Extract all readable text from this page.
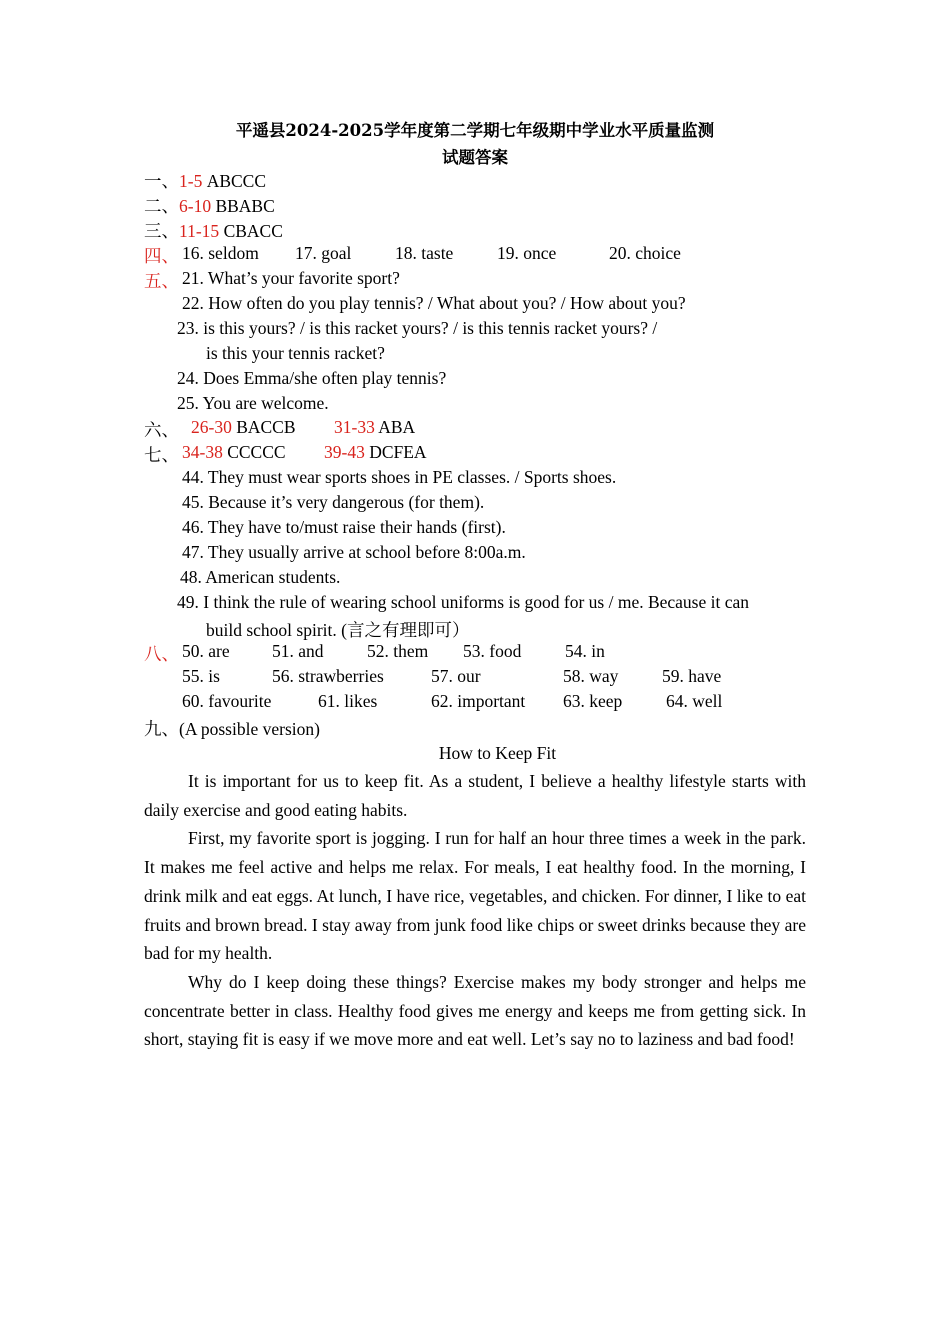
平遥县2024-2025学年度第二学期七年级期中学业水平质量监测
试题答案
一、1-5 ABCCC
二、6-10 BBABC
三、11-15 CBACC
四、 16. seldom 17. goal 18. taste 19. once	20. choice
五、 21. What’s your favorite sport?
22. How often do you play tennis? / What about you? / How about you?
23. is this yours? / is this racket yours? / is this tennis racket yours? /
is this your tennis racket?
24. Does Emma/she often play tennis?
25. You are welcome.
六、 26-30 BACCB 31-33 ABA
七、 34-38 CCCCC 39-43 DCFEA
44. They must wear sports shoes in PE classes. / Sports shoes.
45. Because it’s very dangerous (for them).
46. They have to/must raise their hands (first).
47. They usually arrive at school before 8:00a.m.
48. American students.
49. I think the rule of wearing school uniforms is good for us / me. Because it can
build school spirit. (言之有理即可）
八、 50. are 51. and 52. them 53. food 54. in
55. is	56. strawberries	57. our	58. way 59. have
60. favourite	61. likes	62. important 63. keep 64. well
九、(A possible version)
How to Keep Fit

It is important for us to keep fit. As a student, I believe a healthy lifestyle starts with daily exercise and good eating habits.

First, my favorite sport is jogging. I run for half an hour three times a week in the park. It makes me feel active and helps me relax. For meals, I eat healthy food. In the morning, I drink milk and eat eggs. At lunch, I have rice, vegetables, and chicken. For dinner, I like to eat fruits and brown bread. I stay away from junk food like chips or sweet drinks because they are bad for my health.

Why do I keep doing these things? Exercise makes my body stronger and helps me concentrate better in class. Healthy food gives me energy and keeps me from getting sick. In short, staying fit is easy if we move more and eat well. Let’s say no to laziness and bad food!
